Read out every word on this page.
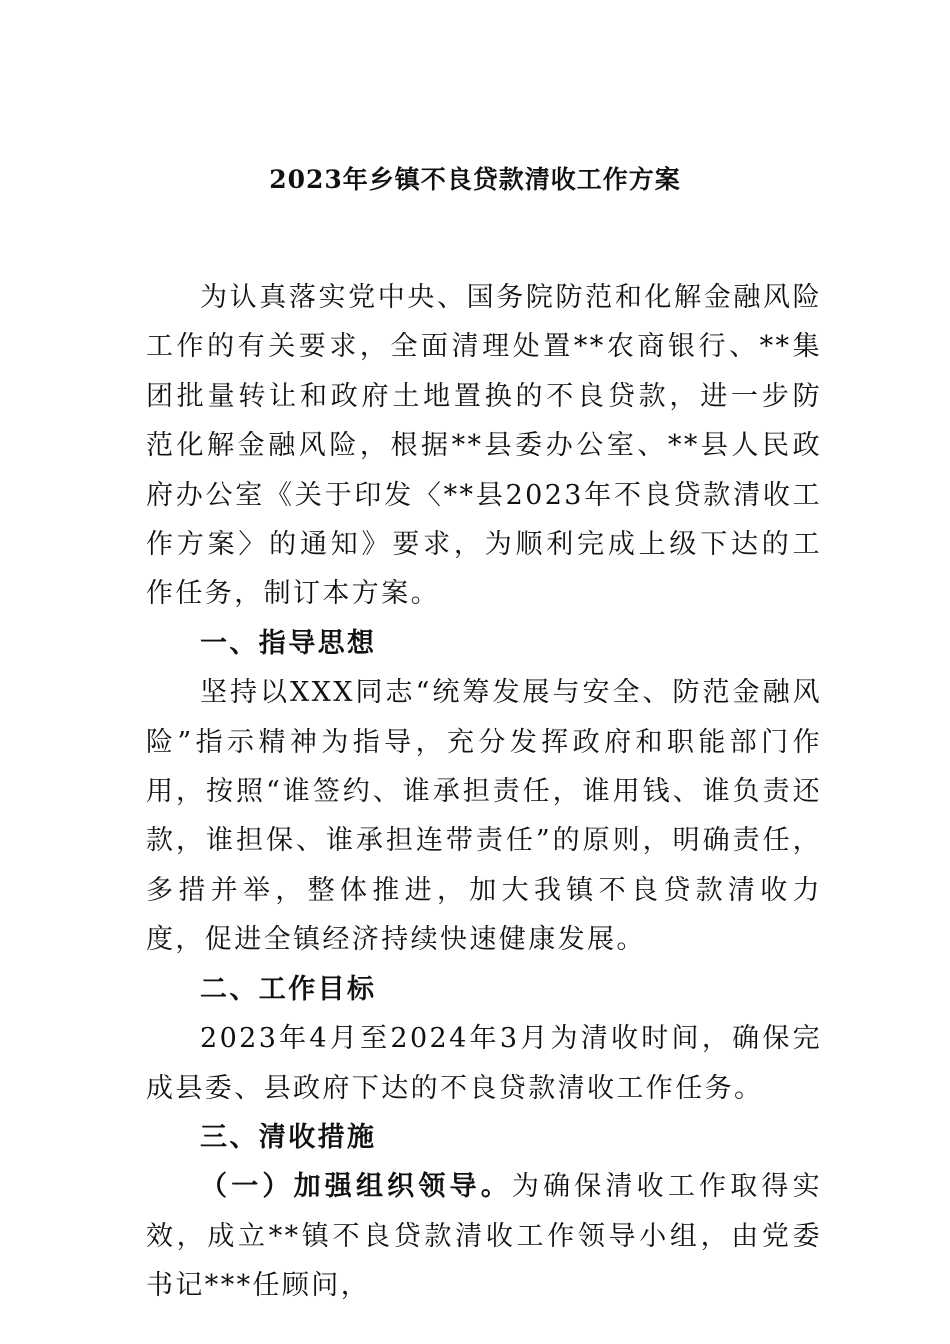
2023年乡镇不良贷款清收工作方案

为认真落实党中央、国务院防范和化解金融风险工作的有关要求，全面清理处置**农商银行、**集团批量转让和政府土地置换的不良贷款，进一步防范化解金融风险，根据**县委办公室、**县人民政府办公室《关于印发〈**县2023年不良贷款清收工作方案〉的通知》要求，为顺利完成上级下达的工作任务，制订本方案。

一、指导思想

坚持以XXX同志“统筹发展与安全、防范金融风险”指示精神为指导，充分发挥政府和职能部门作用，按照“谁签约、谁承担责任，谁用钱、谁负责还款，谁担保、谁承担连带责任”的原则，明确责任，多措并举，整体推进，加大我镇不良贷款清收力度，促进全镇经济持续快速健康发展。

二、工作目标

2023年4月至2024年3月为清收时间，确保完成县委、县政府下达的不良贷款清收工作任务。

三、清收措施

（一）加强组织领导。为确保清收工作取得实效，成立**镇不良贷款清收工作领导小组，由党委书记***任顾问，
